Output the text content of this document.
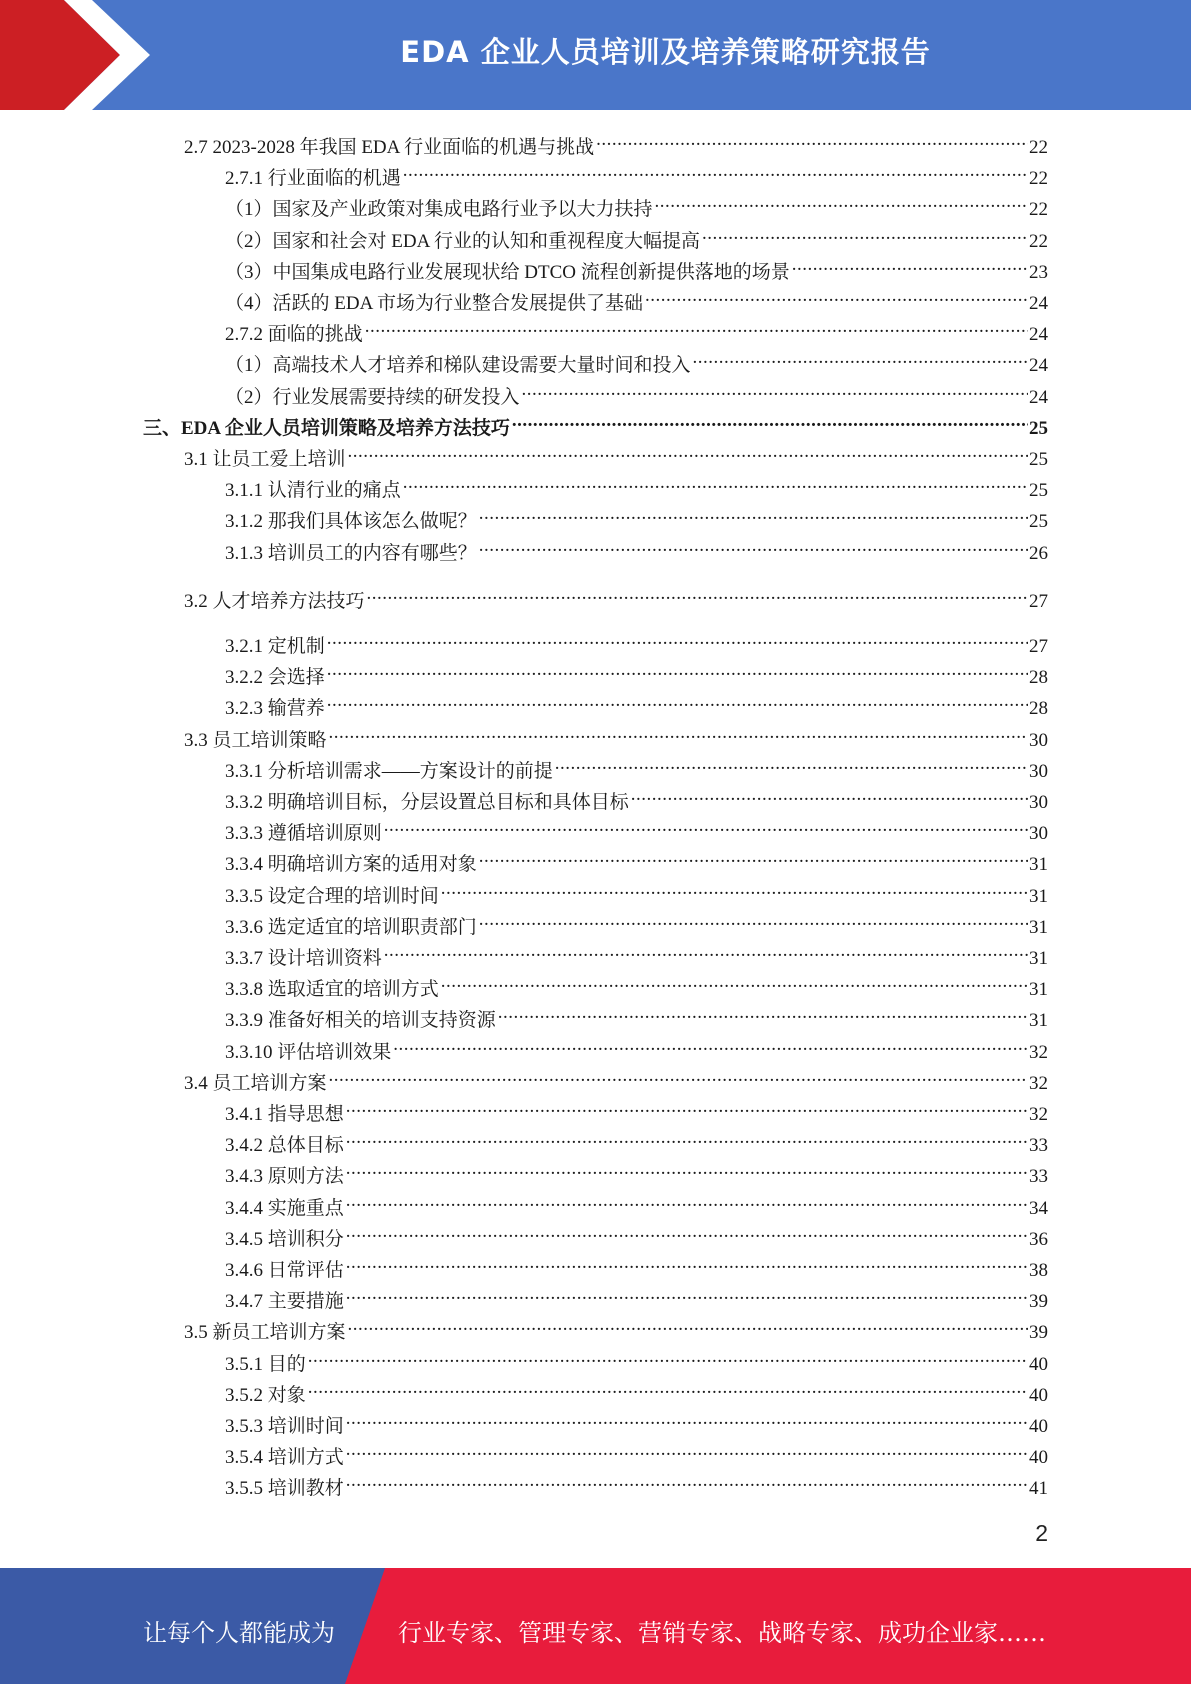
EDA 企业人员培训及培养策略研究报告
2.7 2023-2028 年我国 EDA 行业面临的机遇与挑战 .....	22
2.7.1 行业面临的机遇 .....	22
（1）国家及产业政策对集成电路行业予以大力扶持 .....	22
（2）国家和社会对 EDA 行业的认知和重视程度大幅提高 .....	22
（3）中国集成电路行业发展现状给 DTCO 流程创新提供落地的场景 .....	23
（4）活跃的 EDA 市场为行业整合发展提供了基础 .....	24
2.7.2 面临的挑战 .....	24
（1）高端技术人才培养和梯队建设需要大量时间和投入 .....	24
（2）行业发展需要持续的研发投入 .....	24
三、EDA 企业人员培训策略及培养方法技巧 .....	25
3.1 让员工爱上培训 .....	25
3.1.1 认清行业的痛点 .....	25
3.1.2 那我们具体该怎么做呢？ .....	25
3.1.3 培训员工的内容有哪些？ .....	26
3.2 人才培养方法技巧 .....	27
3.2.1 定机制 .....	27
3.2.2 会选择 .....	28
3.2.3 输营养 .....	28
3.3 员工培训策略 .....	30
3.3.1 分析培训需求——方案设计的前提 .....	30
3.3.2 明确培训目标，分层设置总目标和具体目标 .....	30
3.3.3 遵循培训原则 .....	30
3.3.4 明确培训方案的适用对象 .....	31
3.3.5 设定合理的培训时间 .....	31
3.3.6 选定适宜的培训职责部门 .....	31
3.3.7 设计培训资料 .....	31
3.3.8 选取适宜的培训方式 .....	31
3.3.9 准备好相关的培训支持资源 .....	31
3.3.10 评估培训效果 .....	32
3.4 员工培训方案 .....	32
3.4.1 指导思想 .....	32
3.4.2 总体目标 .....	33
3.4.3 原则方法 .....	33
3.4.4 实施重点 .....	34
3.4.5 培训积分 .....	36
3.4.6 日常评估 .....	38
3.4.7 主要措施 .....	39
3.5 新员工培训方案 .....	39
3.5.1 目的 .....	40
3.5.2 对象 .....	40
3.5.3 培训时间 .....	40
3.5.4 培训方式 .....	40
3.5.5 培训教材 .....	41
2
让每个人都能成为	行业专家、管理专家、营销专家、战略专家、成功企业家……
